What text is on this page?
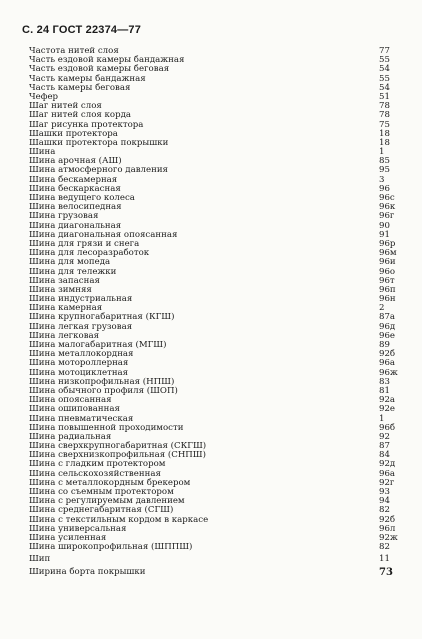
С. 24 ГОСТ 22374—77
Частота нитей слоя	77
Часть ездовой камеры бандажная	55
Часть ездовой камеры беговая	54
Часть камеры бандажная	55
Часть камеры беговая	54
Чефер	51
Шаг нитей слоя	78
Шаг нитей слоя корда	78
Шаг рисунка протектора	75
Шашки протектора	18
Шашки протектора покрышки	18
Шина	1
Шина арочная (АШ)	85
Шина атмосферного давления	95
Шина бескамерная	3
Шина бескаркасная	96
Шина ведущего колеса	96с
Шина велосипедная	96к
Шина грузовая	96г
Шина диагональная	90
Шина диагональная опоясанная	91
Шина для грязи и снега	96р
Шина для лесоразработок	96м
Шина для мопеда	96и
Шина для тележки	96о
Шина запасная	96т
Шина зимняя	96п
Шина индустриальная	96н
Шина камерная	2
Шина крупногабаритная (КГШ)	87а
Шина легкая грузовая	96д
Шина легковая	96е
Шина малогабаритная (МГШ)	89
Шина металлокордная	92б
Шина мотороллерная	96а
Шина мотоциклетная	96ж
Шина низкопрофильная (НПШ)	83
Шина обычного профиля (ШОП)	81
Шина опоясанная	92а
Шина ошипованная	92е
Шина пневматическая	1
Шина повышенной проходимости	96б
Шина радиальная	92
Шина сверхкрупногабаритная (СКГШ)	87
Шина сверхнизкопрофильная (СНПШ)	84
Шина с гладким протектором	92д
Шина сельскохозяйственная	96а
Шина с металлокордным брекером	92г
Шина со съемным протектором	93
Шина с регулируемым давлением	94
Шина среднегабаритная (СГШ)	82
Шина с текстильным кордом в каркасе	92б
Шина универсальная	96л
Шина усиленная	92ж
Шина широкопрофильная (ШППШ)	82
Шип	11
Ширина борта покрышки	73
